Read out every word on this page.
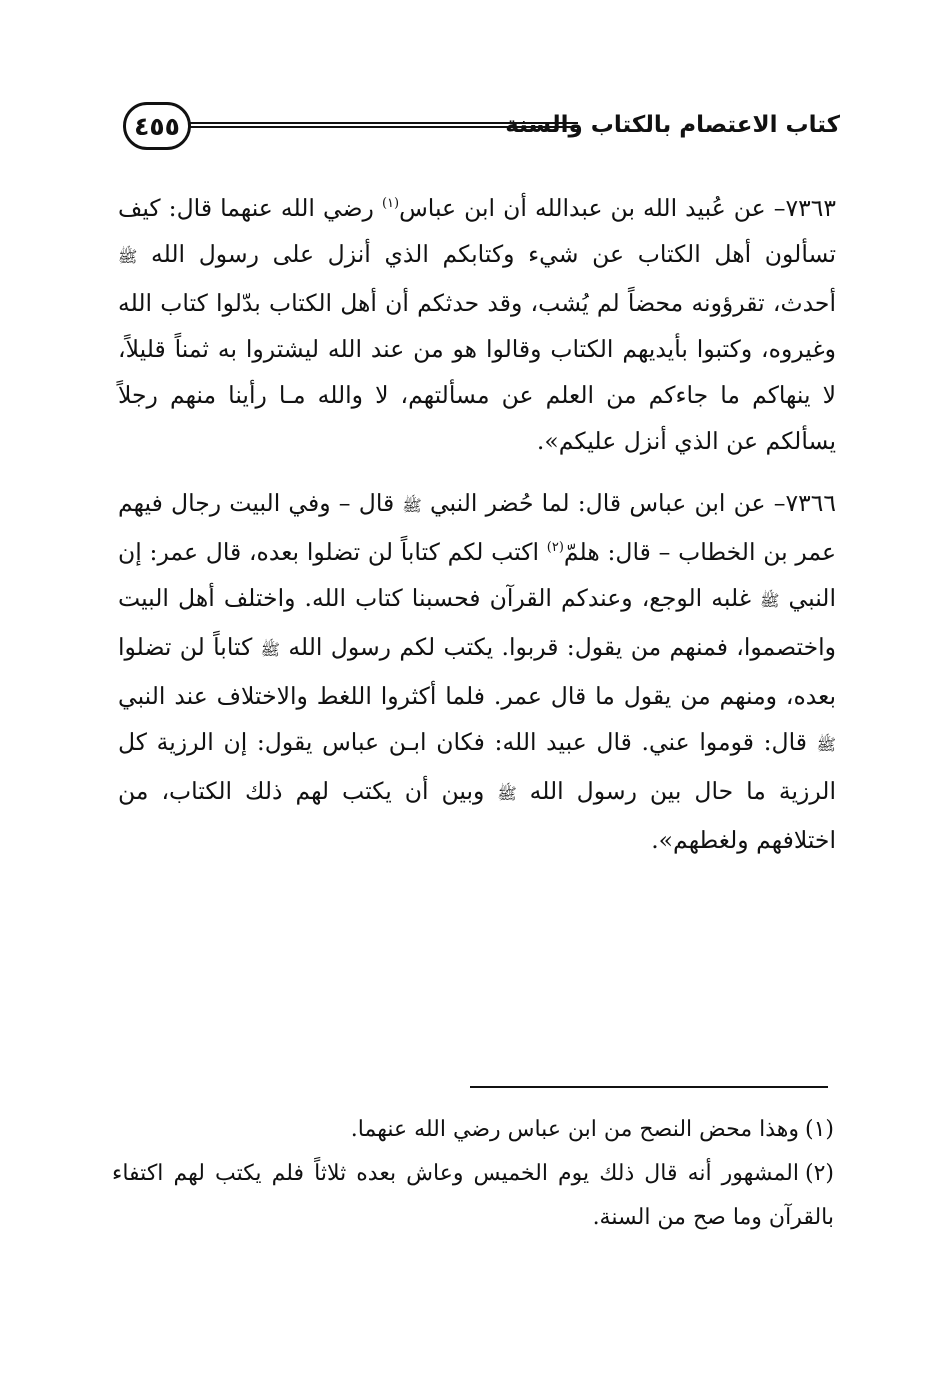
كتاب الاعتصام بالكتاب والسنة
٤٥٥

٧٣٦٣– عن عُبيد الله بن عبدالله أن ابن عباس$^{(١)}$ رضي الله عنهما قال: كيف تسألون أهل الكتاب عن شيء وكتابكم الذي أنزل على رسول الله ﷺ أحدث، تقرؤونه محضاً لم يُشب، وقد حدثكم أن أهل الكتاب بدّلوا كتاب الله وغيروه، وكتبوا بأيديهم الكتاب وقالوا هو من عند الله ليشتروا به ثمناً قليلاً، لا ينهاكم ما جاءكم من العلم عن مسألتهم، لا والله مـا رأينا منهم رجلاً يسألكم عن الذي أنزل عليكم».

٧٣٦٦– عن ابن عباس قال: لما حُضر النبي ﷺ قال – وفي البيت رجال فيهم عمر بن الخطاب – قال: هلمّ$^{(٢)}$ اكتب لكم كتاباً لن تضلوا بعده، قال عمر: إن النبي ﷺ غلبه الوجع، وعندكم القرآن فحسبنا كتاب الله. واختلف أهل البيت واختصموا، فمنهم من يقول: قربوا. يكتب لكم رسول الله ﷺ كتاباً لن تضلوا بعده، ومنهم من يقول ما قال عمر. فلما أكثروا اللغط والاختلاف عند النبي ﷺ قال: قوموا عني. قال عبيد الله: فكان ابـن عباس يقول: إن الرزية كل الرزية ما حال بين رسول الله ﷺ وبين أن يكتب لهم ذلك الكتاب، من اختلافهم ولغطهم».

(١)وهذا محض النصح من ابن عباس رضي الله عنهما.

(٢)المشهور أنه قال ذلك يوم الخميس وعاش بعده ثلاثاً فلم يكتب لهم اكتفاء بالقرآن وما صح من السنة.
